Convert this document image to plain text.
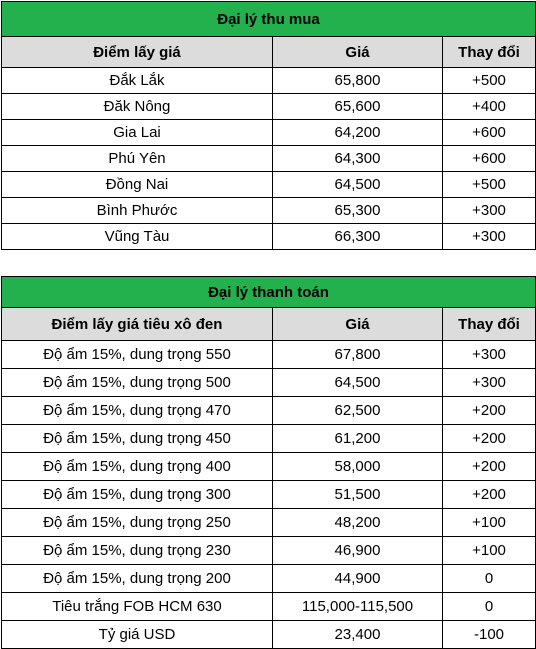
Đại lý thu mua		
Điểm lấy giá	Giá	Thay đổi
Đắk Lắk	65,800	+500
Đăk Nông	65,600	+400
Gia Lai	64,200	+600
Phú Yên	64,300	+600
Đồng Nai	64,500	+500
Bình Phước	65,300	+300
Vũng Tàu	66,300	+300
Đại lý thanh toán		
Điểm lấy giá tiêu xô đen	Giá	Thay đổi
Độ ẩm 15%, dung trọng 550	67,800	+300
Độ ẩm 15%, dung trọng 500	64,500	+300
Độ ẩm 15%, dung trọng 470	62,500	+200
Độ ẩm 15%, dung trọng 450	61,200	+200
Độ ẩm 15%, dung trọng 400	58,000	+200
Độ ẩm 15%, dung trọng 300	51,500	+200
Độ ẩm 15%, dung trọng 250	48,200	+100
Độ ẩm 15%, dung trọng 230	46,900	+100
Độ ẩm 15%, dung trọng 200	44,900	0
Tiêu trắng FOB HCM 630	115,000-115,500	0
Tỷ giá USD	23,400	-100
